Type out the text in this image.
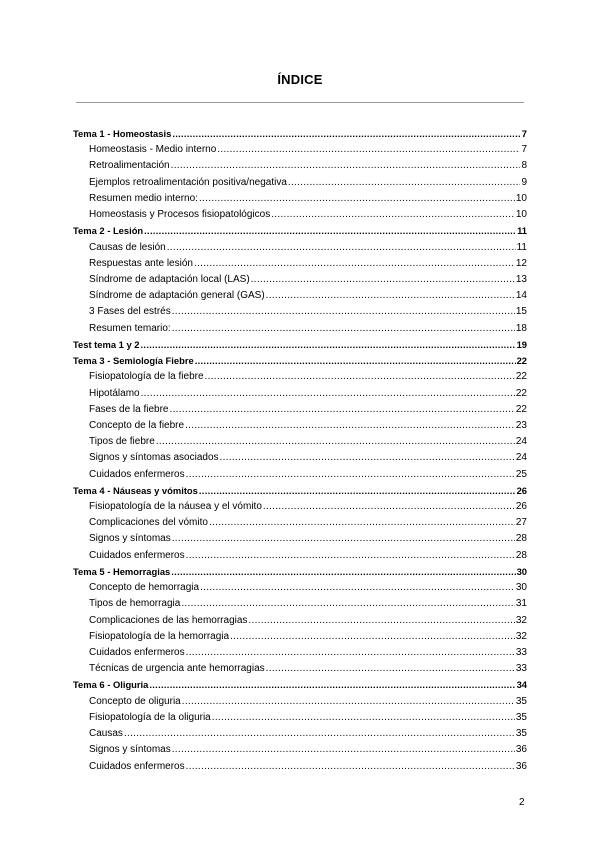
ÍNDICE
Tema 1 - Homeostasis .....	7
Homeostasis - Medio interno .....	7
Retroalimentación .....	8
Ejemplos retroalimentación positiva/negativa .....	9
Resumen medio interno: .....	10
Homeostasis y Procesos fisiopatológicos .....	10
Tema 2 - Lesión .....	11
Causas de lesión .....	11
Respuestas ante lesión .....	12
Síndrome de adaptación local (LAS) .....	13
Síndrome de adaptación general (GAS) .....	14
3 Fases del estrés .....	15
Resumen temario: .....	18
Test tema 1 y 2 .....	19
Tema 3 - Semiología Fiebre .....	22
Fisiopatología de la fiebre .....	22
Hipotálamo .....	22
Fases de la fiebre .....	22
Concepto de la fiebre .....	23
Tipos de fiebre .....	24
Signos y síntomas asociados .....	24
Cuidados enfermeros .....	25
Tema 4 - Náuseas y vómitos .....	26
Fisiopatología de la náusea y el vómito .....	26
Complicaciones del vómito .....	27
Signos y síntomas .....	28
Cuidados enfermeros .....	28
Tema 5 - Hemorragias .....	30
Concepto de hemorragia .....	30
Tipos de hemorragia .....	31
Complicaciones de las hemorragias .....	32
Fisiopatología de la hemorragia .....	32
Cuidados enfermeros .....	33
Técnicas de urgencia ante hemorragias .....	33
Tema 6 - Oliguria .....	34
Concepto de oliguria .....	35
Fisiopatología de la oliguria .....	35
Causas .....	35
Signos y síntomas .....	36
Cuidados enfermeros .....	36
2
